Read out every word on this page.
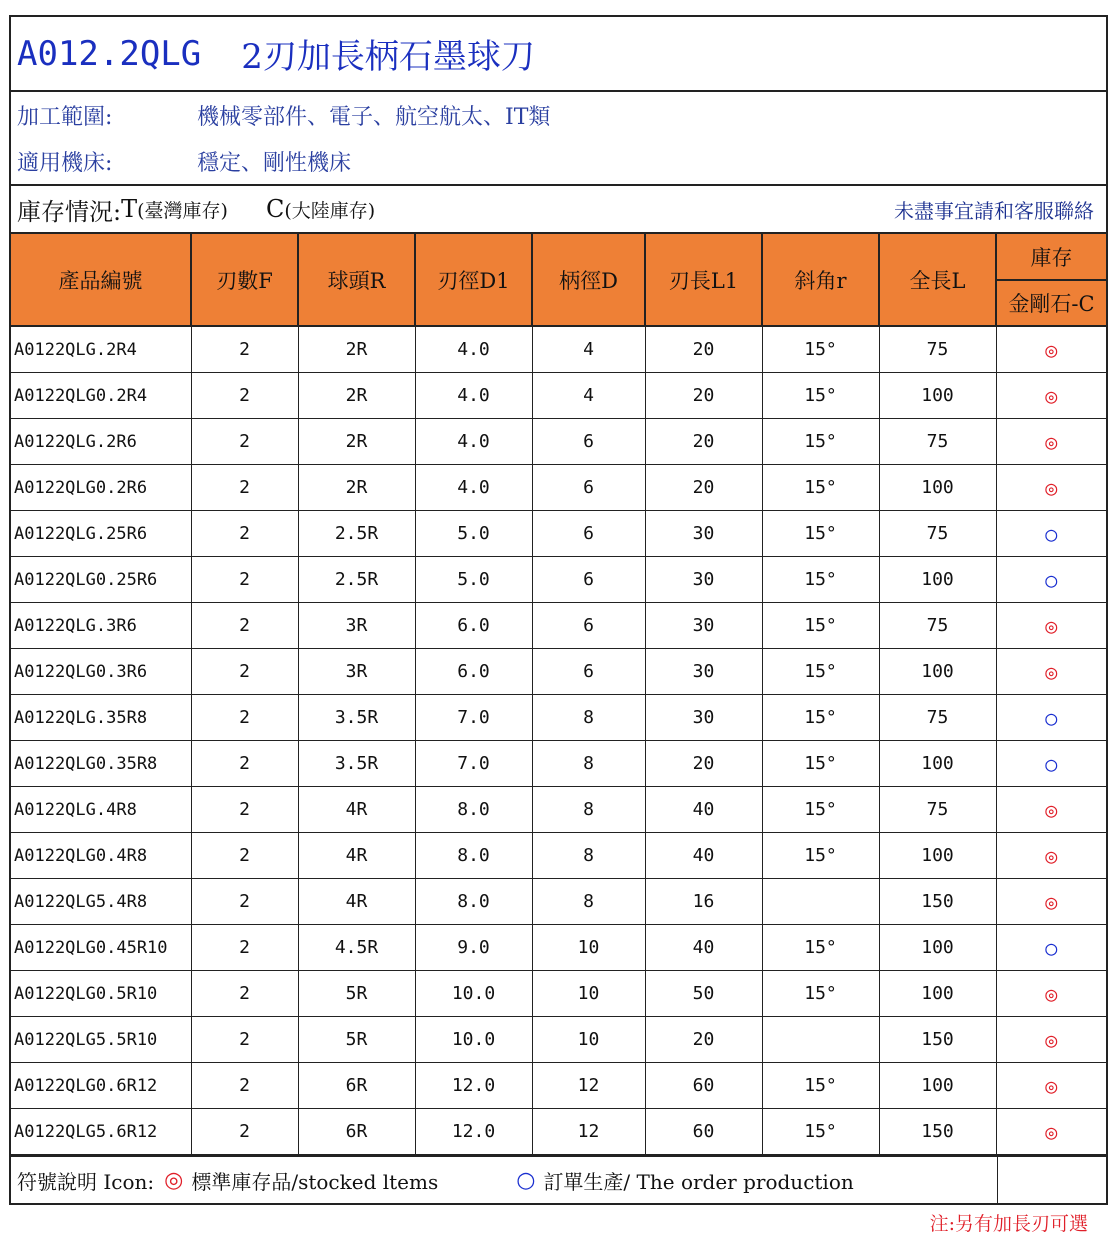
A012.2QLG 2刃加長柄石墨球刀
加工範圍:	機械零部件、電子、航空航太、IT類
適用機床:	穩定、剛性機床
庫存情況: T (臺灣庫存) C (大陸庫存)	未盡事宜請和客服聯絡
產品編號	刃數F	球頭R	刃徑D1	柄徑D	刃長L1	斜角r	全長L	庫存
								金剛石-C
A0122QLG.2R4	2	2R	4.0	4	20	15°	75	◎
A0122QLG0.2R4	2	2R	4.0	4	20	15°	100	◎
A0122QLG.2R6	2	2R	4.0	6	20	15°	75	◎
A0122QLG0.2R6	2	2R	4.0	6	20	15°	100	◎
A0122QLG.25R6	2	2.5R	5.0	6	30	15°	75	○
A0122QLG0.25R6	2	2.5R	5.0	6	30	15°	100	○
A0122QLG.3R6	2	3R	6.0	6	30	15°	75	◎
A0122QLG0.3R6	2	3R	6.0	6	30	15°	100	◎
A0122QLG.35R8	2	3.5R	7.0	8	30	15°	75	○
A0122QLG0.35R8	2	3.5R	7.0	8	20	15°	100	○
A0122QLG.4R8	2	4R	8.0	8	40	15°	75	◎
A0122QLG0.4R8	2	4R	8.0	8	40	15°	100	◎
A0122QLG5.4R8	2	4R	8.0	8	16		150	◎
A0122QLG0.45R10	2	4.5R	9.0	10	40	15°	100	○
A0122QLG0.5R10	2	5R	10.0	10	50	15°	100	◎
A0122QLG5.5R10	2	5R	10.0	10	20		150	◎
A0122QLG0.6R12	2	6R	12.0	12	60	15°	100	◎
A0122QLG5.6R12	2	6R	12.0	12	60	15°	150	◎
符號說明 Icon: ◎ 標準庫存品/stocked ltems	○ 訂單生產/ The order production
注:另有加長刃可選
